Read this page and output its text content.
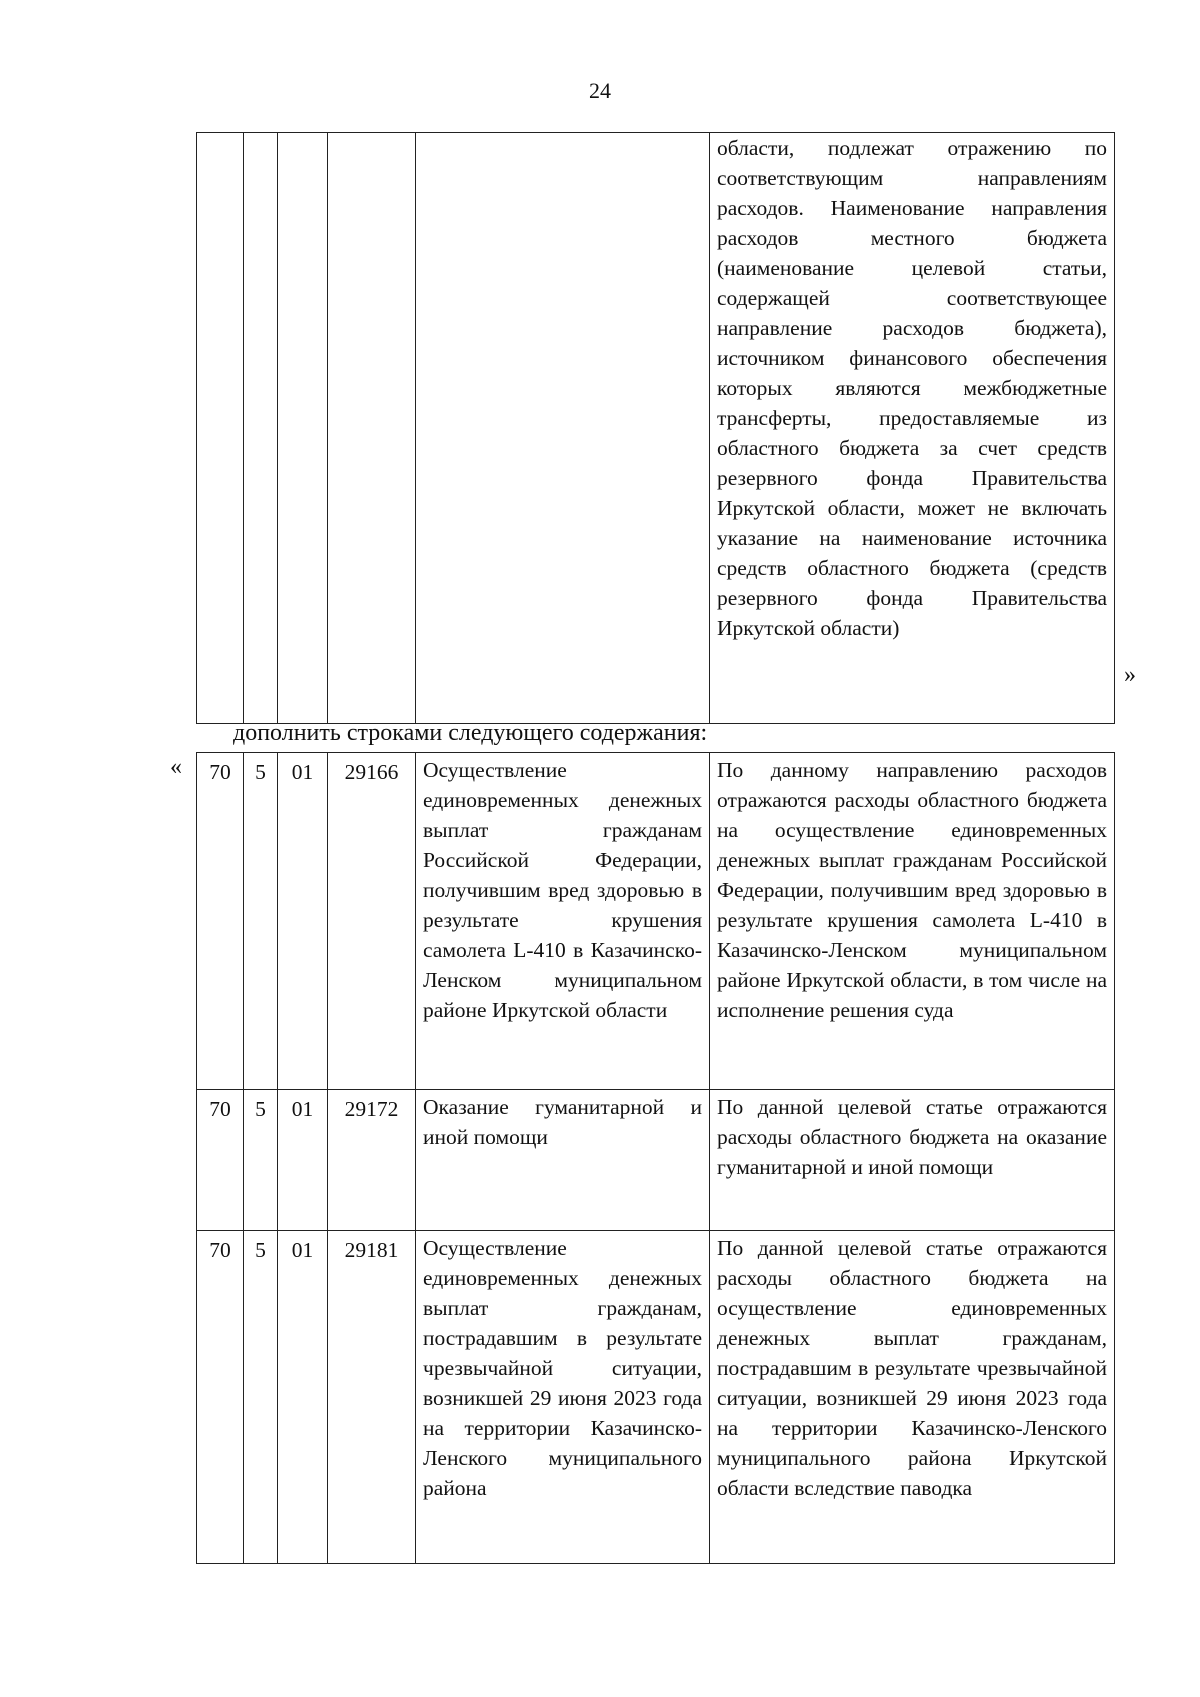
24
					области, подлежат отражению по соответствующим направлениям расходов. Наименование направления расходов местного бюджета (наименование целевой статьи, содержащей соответствующее направление расходов бюджета), источником финансового обеспечения которых являются межбюджетные трансферты, предоставляемые из областного бюджета за счет средств резервного фонда Правительства Иркутской области, может не включать указание на наименование источника средств областного бюджета (средств резервного фонда Правительства Иркутской области)
»

дополнить строками следующего содержания:

« 70	5	01	29166	Осуществление единовременных денежных выплат гражданам Российской Федерации, получившим вред здоровью в результате крушения самолета L-410 в Казачинско-Ленском муниципальном районе Иркутской области	По данному направлению расходов отражаются расходы областного бюджета на осуществление единовременных денежных выплат гражданам Российской Федерации, получившим вред здоровью в результате крушения самолета L-410 в Казачинско-Ленском муниципальном районе Иркутской области, в том числе на исполнение решения суда
70	5	01	29172	Оказание гуманитарной и иной помощи	По данной целевой статье отражаются расходы областного бюджета на оказание гуманитарной и иной помощи
70	5	01	29181	Осуществление единовременных денежных выплат гражданам, пострадавшим в результате чрезвычайной ситуации, возникшей 29 июня 2023 года на территории Казачинско-Ленского муниципального района	По данной целевой статье отражаются расходы областного бюджета на осуществление единовременных денежных выплат гражданам, пострадавшим в результате чрезвычайной ситуации, возникшей 29 июня 2023 года на территории Казачинско-Ленского муниципального района Иркутской области вследствие паводка
